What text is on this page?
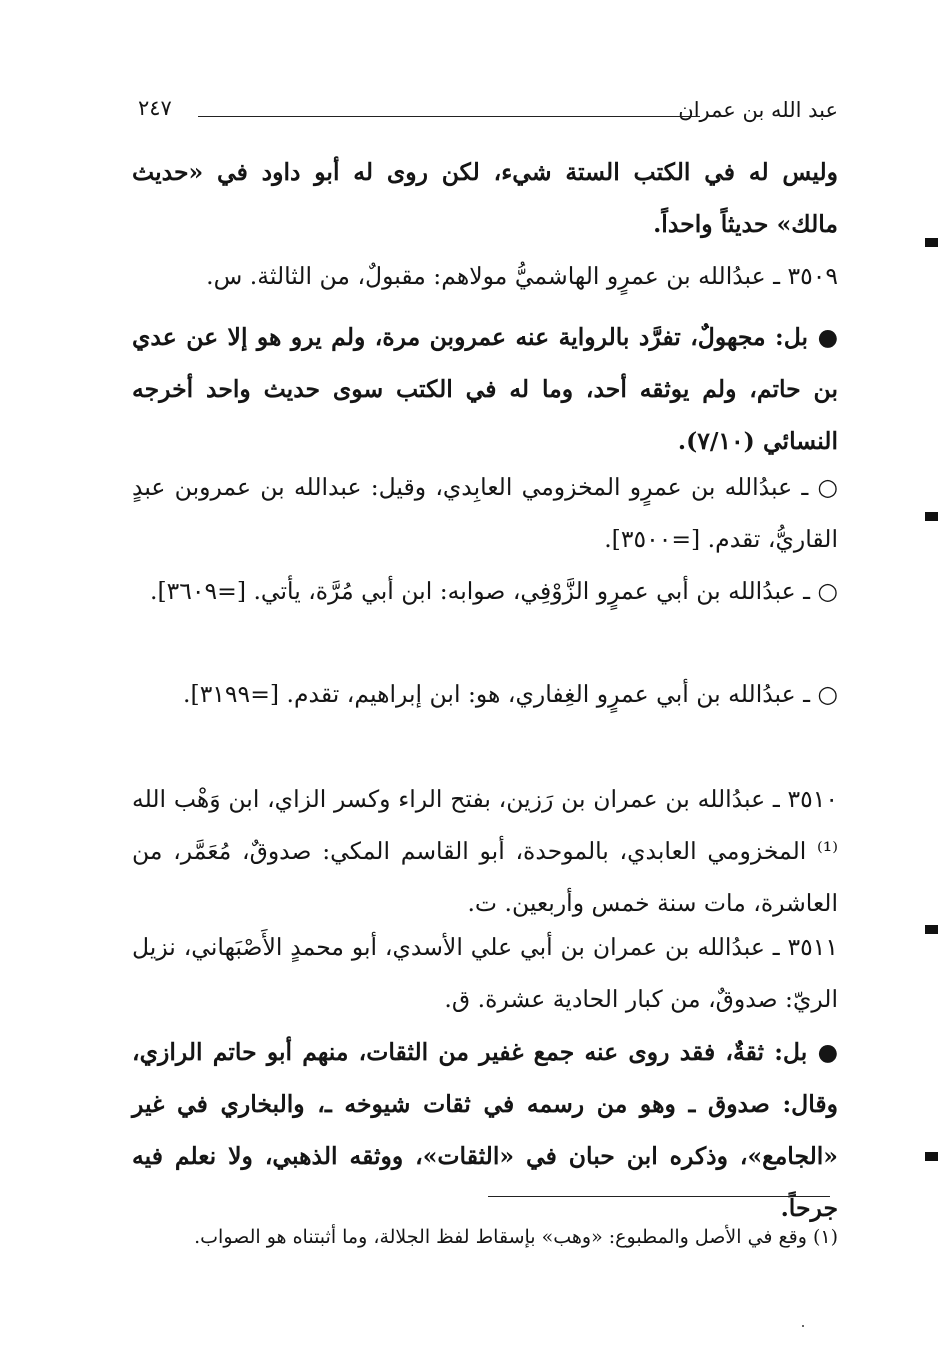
عبد الله بن عمران
٢٤٧

وليس له في الكتب الستة شيء، لكن روى له أبو داود في «حديث مالك» حديثاً واحداً.

٣٥٠٩ ـ عبدُالله بن عمرٍو الهاشميُّ مولاهم: مقبولٌ، من الثالثة. س.

● بل: مجهولٌ، تفرَّد بالرواية عنه عمروبن مرة، ولم يرو هو إلا عن عدي بن حاتم، ولم يوثقه أحد، وما له في الكتب سوى حديث واحد أخرجه النسائي (٧/١٠).

○ ـ عبدُالله بن عمرٍو المخزومي العابِدي، وقيل: عبدالله بن عمروبن عبدٍ القاريُّ، تقدم. [=٣٥٠٠].

○ ـ عبدُالله بن أبي عمرٍو الزَّوْفِي، صوابه: ابن أبي مُرَّة، يأتي. [=٣٦٠٩].

○ ـ عبدُالله بن أبي عمرٍو الغِفاري، هو: ابن إبراهيم، تقدم. [=٣١٩٩].

٣٥١٠ ـ عبدُالله بن عمران بن رَزين، بفتح الراء وكسر الزاي، ابن وَهْب الله ⁽¹⁾ المخزومي العابدي، بالموحدة، أبو القاسم المكي: صدوقٌ، مُعَمَّر، من العاشرة، مات سنة خمس وأربعين. ت.

٣٥١١ ـ عبدُالله بن عمران بن أبي علي الأسدي، أبو محمدٍ الأَصْبَهاني، نزيل الريّ: صدوقٌ، من كبار الحادية عشرة. ق.

● بل: ثقةٌ، فقد روى عنه جمع غفير من الثقات، منهم أبو حاتم الرازي، وقال: صدوق ـ وهو من رسمه في ثقات شيوخه ـ، والبخاري في غير «الجامع»، وذكره ابن حبان في «الثقات»، ووثقه الذهبي، ولا نعلم فيه جرحاً.

(١) وقع في الأصل والمطبوع: «وهب» بإسقاط لفظ الجلالة، وما أثبتناه هو الصواب.
